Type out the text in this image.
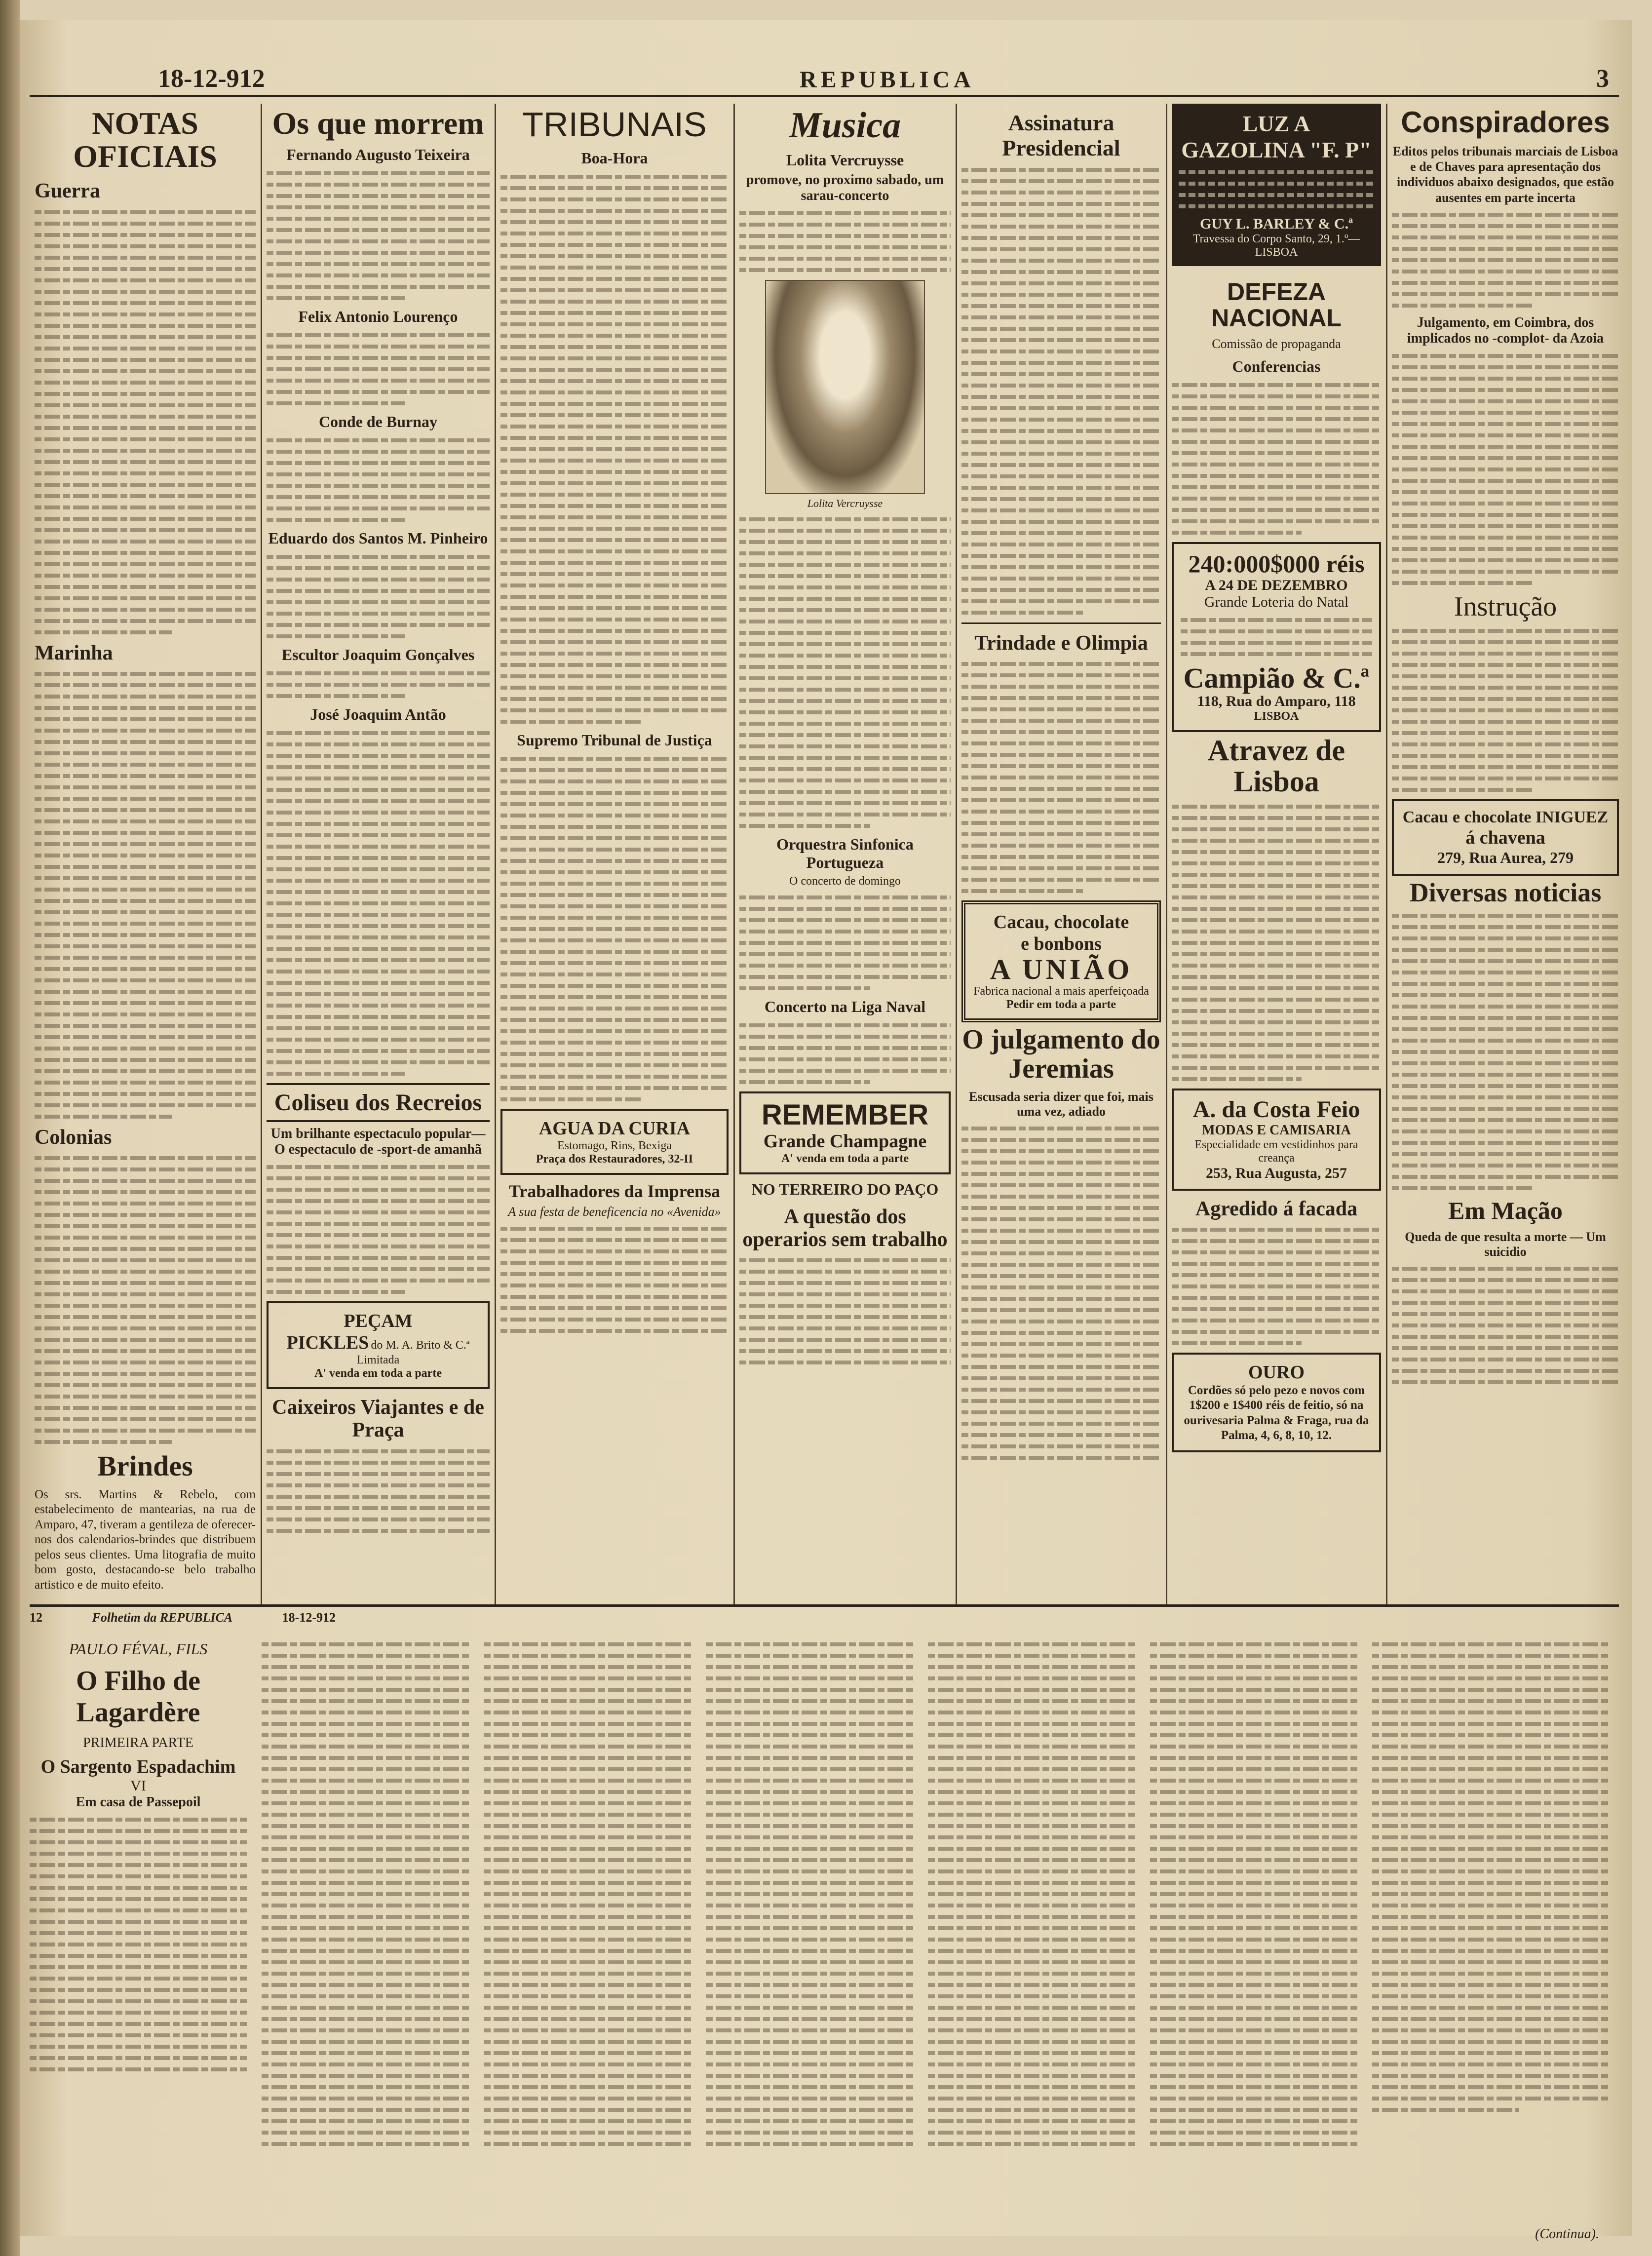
18-12-912	REPUBLICA	3
NOTAS OFICIAIS
Guerra
Marinha
Colonias
Brindes
Os srs. Martins & Rebelo, com estabelecimento de mantearias, na rua de Amparo, 47, tiveram a gentileza de oferecer-nos dos calendarios-brindes que distribuem pelos seus clientes. Uma litografia de muito bom gosto, destacando-se belo trabalho artistico e de muito efeito.
Os que morrem
Fernando Augusto Teixeira
Felix Antonio Lourenço
Conde de Burnay
Eduardo dos Santos M. Pinheiro
Escultor Joaquim Gonçalves
José Joaquim Antão
Coliseu dos Recreios
Um brilhante espectaculo popular—O espectaculo de -sport-de amanhã
PEÇAM
PICKLES do M. A. Brito & C.ª Limitada
A' venda em toda a parte
Caixeiros Viajantes e de Praça
TRIBUNAIS
Boa-Hora
Supremo Tribunal de Justiça
AGUA DA CURIA
Estomago, Rins, Bexiga
Praça dos Restauradores, 32-II
Trabalhadores da Imprensa
A sua festa de beneficencia no «Avenida»
Musica
Lolita Vercruysse
promove, no proximo sabado, um sarau-concerto
Lolita Vercruysse
Orquestra Sinfonica Portugueza
O concerto de domingo
Concerto na Liga Naval
REMEMBER
Grande Champagne
A' venda em toda a parte
NO TERREIRO DO PAÇO
A questão dos operarios sem trabalho
Assinatura Presidencial
Trindade e Olimpia
Cacau, chocolate
e bonbons
A UNIÃO
Fabrica nacional a mais aperfeiçoada
Pedir em toda a parte
O julgamento do Jeremias
Escusada seria dizer que foi, mais uma vez, adiado
LUZ A GAZOLINA "F. P"
GUY L. BARLEY & C.ª
Travessa do Corpo Santo, 29, 1.º—LISBOA
DEFEZA NACIONAL
Comissão de propaganda
Conferencias
240:000$000 réis
A 24 DE DEZEMBRO
Grande Loteria do Natal
Campião & C.ª
118, Rua do Amparo, 118
LISBOA
Atravez de Lisboa
A. da Costa Feio
MODAS E CAMISARIA
Especialidade em vestidinhos para creança
253, Rua Augusta, 257
Agredido á facada
OURO
Cordões só pelo pezo e novos com 1$200 e 1$400 réis de feitio, só na ourivesaria Palma & Fraga, rua da Palma, 4, 6, 8, 10, 12.
Conspiradores
Editos pelos tribunais marciais de Lisboa e de Chaves para apresentação dos individuos abaixo designados, que estão ausentes em parte incerta
Julgamento, em Coimbra, dos implicados no -complot- da Azoia
Instrução
Cacau e chocolate INIGUEZ
á chavena
279, Rua Aurea, 279
Diversas noticias
Em Mação
Queda de que resulta a morte — Um suicidio
12	Folhetim da REPUBLICA	18-12-912
PAULO FÉVAL, FILS
O Filho de Lagardère
PRIMEIRA PARTE
O Sargento Espadachim
VI
Em casa de Passepoil
(Continua).
